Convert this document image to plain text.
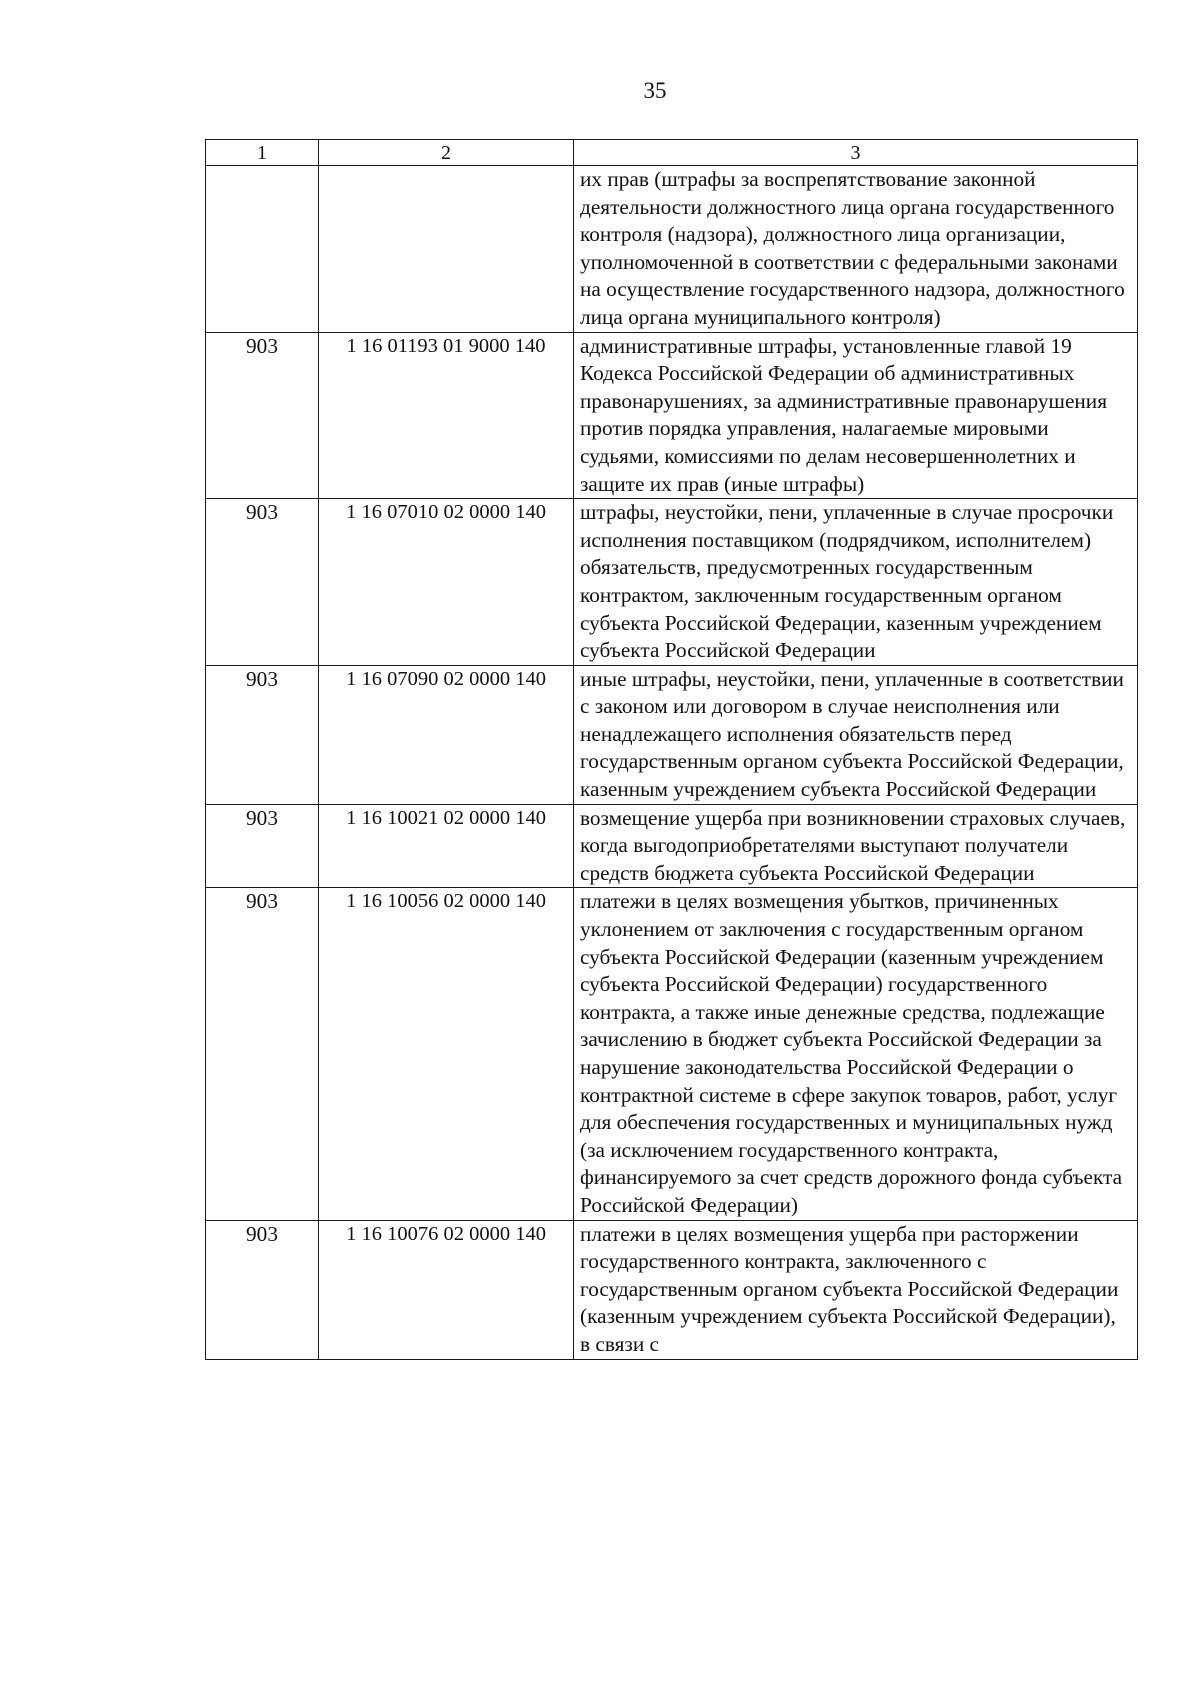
35
1	2	3
		их прав (штрафы за воспрепятствование законной деятельности должностного лица органа государственного контроля (надзора), должностного лица организации, уполномоченной в соответствии с федеральными законами на осуществление государственного надзора, должностного лица органа муниципального контроля)
903	1 16 01193 01 9000 140	административные штрафы, установленные главой 19 Кодекса Российской Федерации об административных правонарушениях, за административные правонарушения против порядка управления, налагаемые мировыми судьями, комиссиями по делам несовершеннолетних и защите их прав (иные штрафы)
903	1 16 07010 02 0000 140	штрафы, неустойки, пени, уплаченные в случае просрочки исполнения поставщиком (подрядчиком, исполнителем) обязательств, предусмотренных государственным контрактом, заключенным государственным органом субъекта Российской Федерации, казенным учреждением субъекта Российской Федерации
903	1 16 07090 02 0000 140	иные штрафы, неустойки, пени, уплаченные в соответствии с законом или договором в случае неисполнения или ненадлежащего исполнения обязательств перед государственным органом субъекта Российской Федерации, казенным учреждением субъекта Российской Федерации
903	1 16 10021 02 0000 140	возмещение ущерба при возникновении страховых случаев, когда выгодоприобретателями выступают получатели средств бюджета субъекта Российской Федерации
903	1 16 10056 02 0000 140	платежи в целях возмещения убытков, причиненных уклонением от заключения с государственным органом субъекта Российской Федерации (казенным учреждением субъекта Российской Федерации) государственного контракта, а также иные денежные средства, подлежащие зачислению в бюджет субъекта Российской Федерации за нарушение законодательства Российской Федерации о контрактной системе в сфере закупок товаров, работ, услуг для обеспечения государственных и муниципальных нужд (за исключением государственного контракта, финансируемого за счет средств дорожного фонда субъекта Российской Федерации)
903	1 16 10076 02 0000 140	платежи в целях возмещения ущерба при расторжении государственного контракта, заключенного с государственным органом субъекта Российской Федерации (казенным учреждением субъекта Российской Федерации), в связи с
